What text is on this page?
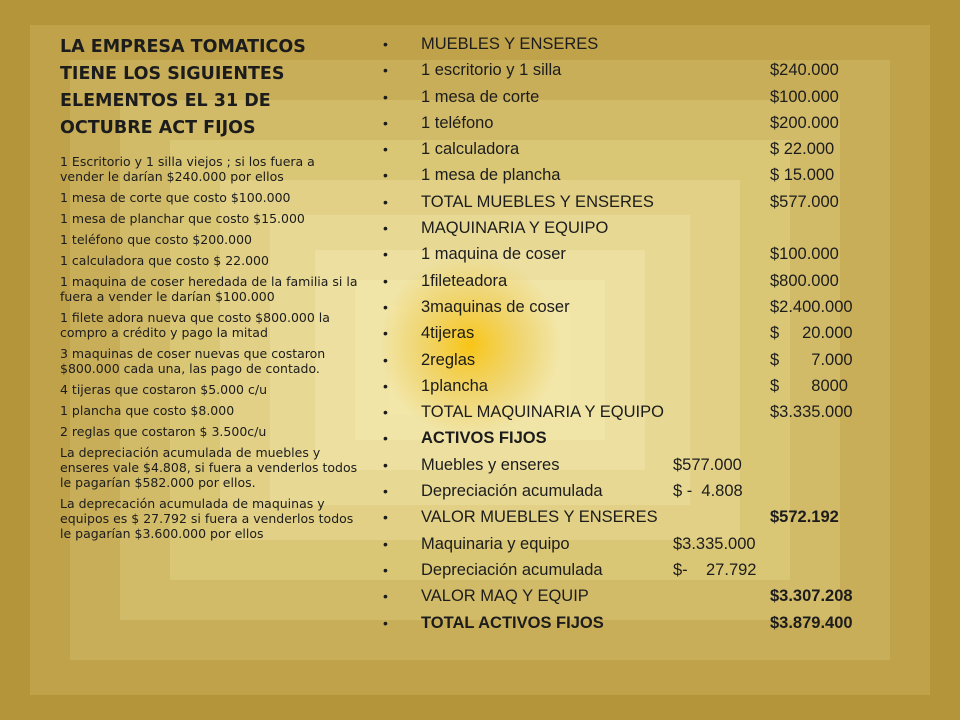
LA EMPRESA TOMATICOS TIENE LOS SIGUIENTES ELEMENTOS EL 31 DE OCTUBRE ACT FIJOS

1 Escritorio y 1 silla viejos ; si los fuera a vender le darían $240.000 por ellos

1 mesa de corte que costo $100.000

1 mesa de planchar que costo $15.000

1 teléfono que costo $200.000

1 calculadora que costo $ 22.000

1 maquina de coser heredada de la familia si la fuera a vender le darían $100.000

1 filete adora nueva que costo $800.000 la compro a crédito y pago la mitad

3 maquinas de coser nuevas que costaron $800.000 cada una, las pago de contado.

4 tijeras que costaron $5.000 c/u

1 plancha que costo $8.000

2 reglas que costaron $ 3.500c/u

La depreciación acumulada de muebles y enseres vale $4.808, si fuera a venderlos todos le pagarían $582.000 por ellos.

La deprecación acumulada de maquinas y equipos es $ 27.792 si fuera a venderlos todos le pagarían $3.600.000 por ellos

•	MUEBLES Y ENSERES
•	1 escritorio y 1 silla	$240.000
•	1 mesa de corte	$100.000
•	1 teléfono	$200.000
•	1 calculadora	$ 22.000
•	1 mesa de plancha	$ 15.000
•	TOTAL MUEBLES Y ENSERES	$577.000
•	MAQUINARIA Y EQUIPO
•	1 maquina de coser	$100.000
•	1fileteadora	$800.000
•	3maquinas de coser	$2.400.000
•	4tijeras	$     20.000
•	2reglas	$       7.000
•	1plancha	$       8000
•	TOTAL MAQUINARIA Y EQUIPO	$3.335.000
•	ACTIVOS FIJOS
•	Muebles y enseres	$577.000
•	Depreciación acumulada	$ -  4.808
•	VALOR MUEBLES Y ENSERES	$572.192
•	Maquinaria y equipo	$3.335.000
•	Depreciación acumulada	$-    27.792
•	VALOR MAQ Y EQUIP	$3.307.208
•	TOTAL ACTIVOS FIJOS	$3.879.400
